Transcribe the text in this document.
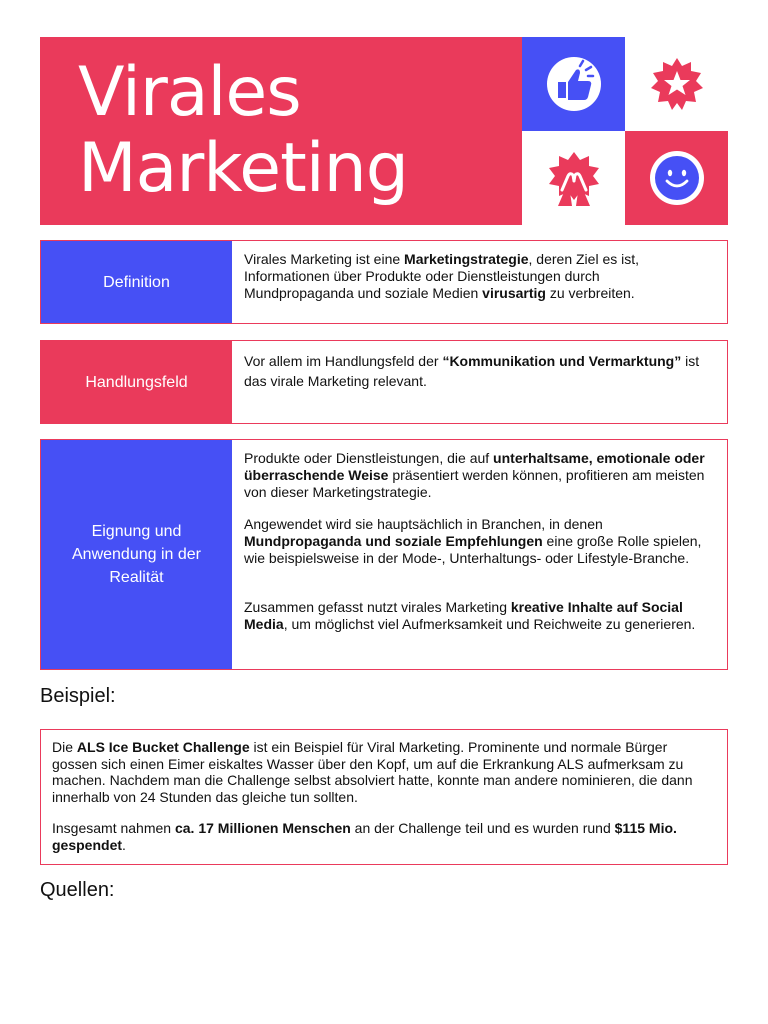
Virales
Marketing
Definition

Virales Marketing ist eine Marketingstrategie, deren Ziel es ist, Informationen über Produkte oder Dienstleistungen durch Mundpropaganda und soziale Medien virusartig zu verbreiten.

Handlungsfeld

Vor allem im Handlungsfeld der “Kommunikation und Vermarktung” ist das virale Marketing relevant.

Eignung und Anwendung in der Realität

Produkte oder Dienstleistungen, die auf unterhaltsame, emotionale oder überraschende Weise präsentiert werden können, profitieren am meisten von dieser Marketingstrategie.

Angewendet wird sie hauptsächlich in Branchen, in denen Mundpropaganda und soziale Empfehlungen eine große Rolle spielen, wie beispielsweise in der Mode-, Unterhaltungs- oder Lifestyle-Branche.

Zusammen gefasst nutzt virales Marketing kreative Inhalte auf Social Media, um möglichst viel Aufmerksamkeit und Reichweite zu generieren.

Beispiel:

Die ALS Ice Bucket Challenge ist ein Beispiel für Viral Marketing. Prominente und normale Bürger gossen sich einen Eimer eiskaltes Wasser über den Kopf, um auf die Erkrankung ALS aufmerksam zu machen. Nachdem man die Challenge selbst absolviert hatte, konnte man andere nominieren, die dann innerhalb von 24 Stunden das gleiche tun sollten.

Insgesamt nahmen ca. 17 Millionen Menschen an der Challenge teil und es wurden rund $115 Mio. gespendet.

Quellen:
